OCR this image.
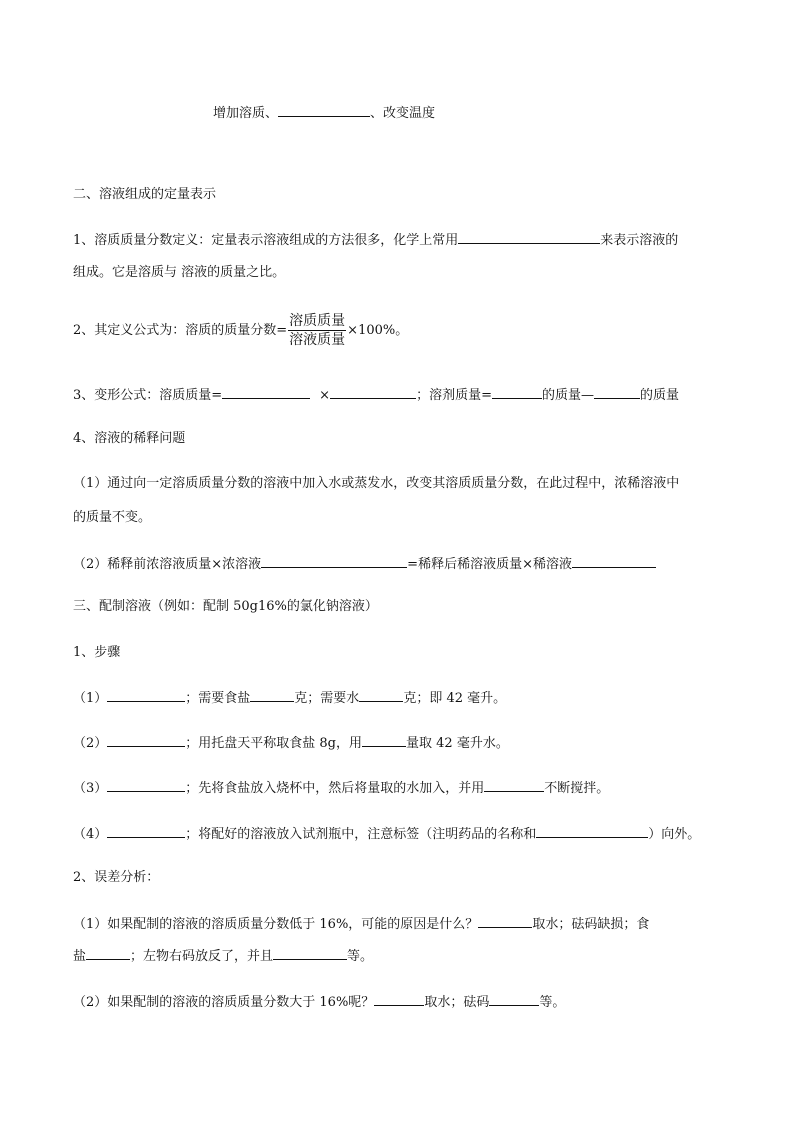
增加溶质、	、改变温度
二、溶液组成的定量表示
1、溶质质量分数定义：定量表示溶液组成的方法很多，化学上常用	来表示溶液的
组成。它是溶质与 溶液的质量之比。
2、其定义公式为：溶质的质量分数= $\frac{\text{溶质质量}}{\text{溶液质量}} \times 100\%$。
3、变形公式：溶质质量=	×	；溶剂质量=	的质量—	的质量
4、溶液的稀释问题
（1）通过向一定溶质质量分数的溶液中加入水或蒸发水，改变其溶质质量分数，在此过程中，浓稀溶液中
的质量不变。
（2）稀释前浓溶液质量×浓溶液	=稀释后稀溶液质量×稀溶液
三、配制溶液（例如：配制 50g16%的氯化钠溶液）
1、步骤
（1）	；需要食盐	克；需要水	克；即 42 毫升。
（2）	；用托盘天平称取食盐 8g，用	量取 42 毫升水。
（3）	；先将食盐放入烧杯中，然后将量取的水加入，并用	不断搅拌。
（4）	；将配好的溶液放入试剂瓶中，注意标签（注明药品的名称和	）向外。
2、误差分析：
（1）如果配制的溶液的溶质质量分数低于 16%，可能的原因是什么？	取水；砝码缺损；食
盐	；左物右码放反了，并且	等。
（2）如果配制的溶液的溶质质量分数大于 16%呢？	取水；砝码	等。
